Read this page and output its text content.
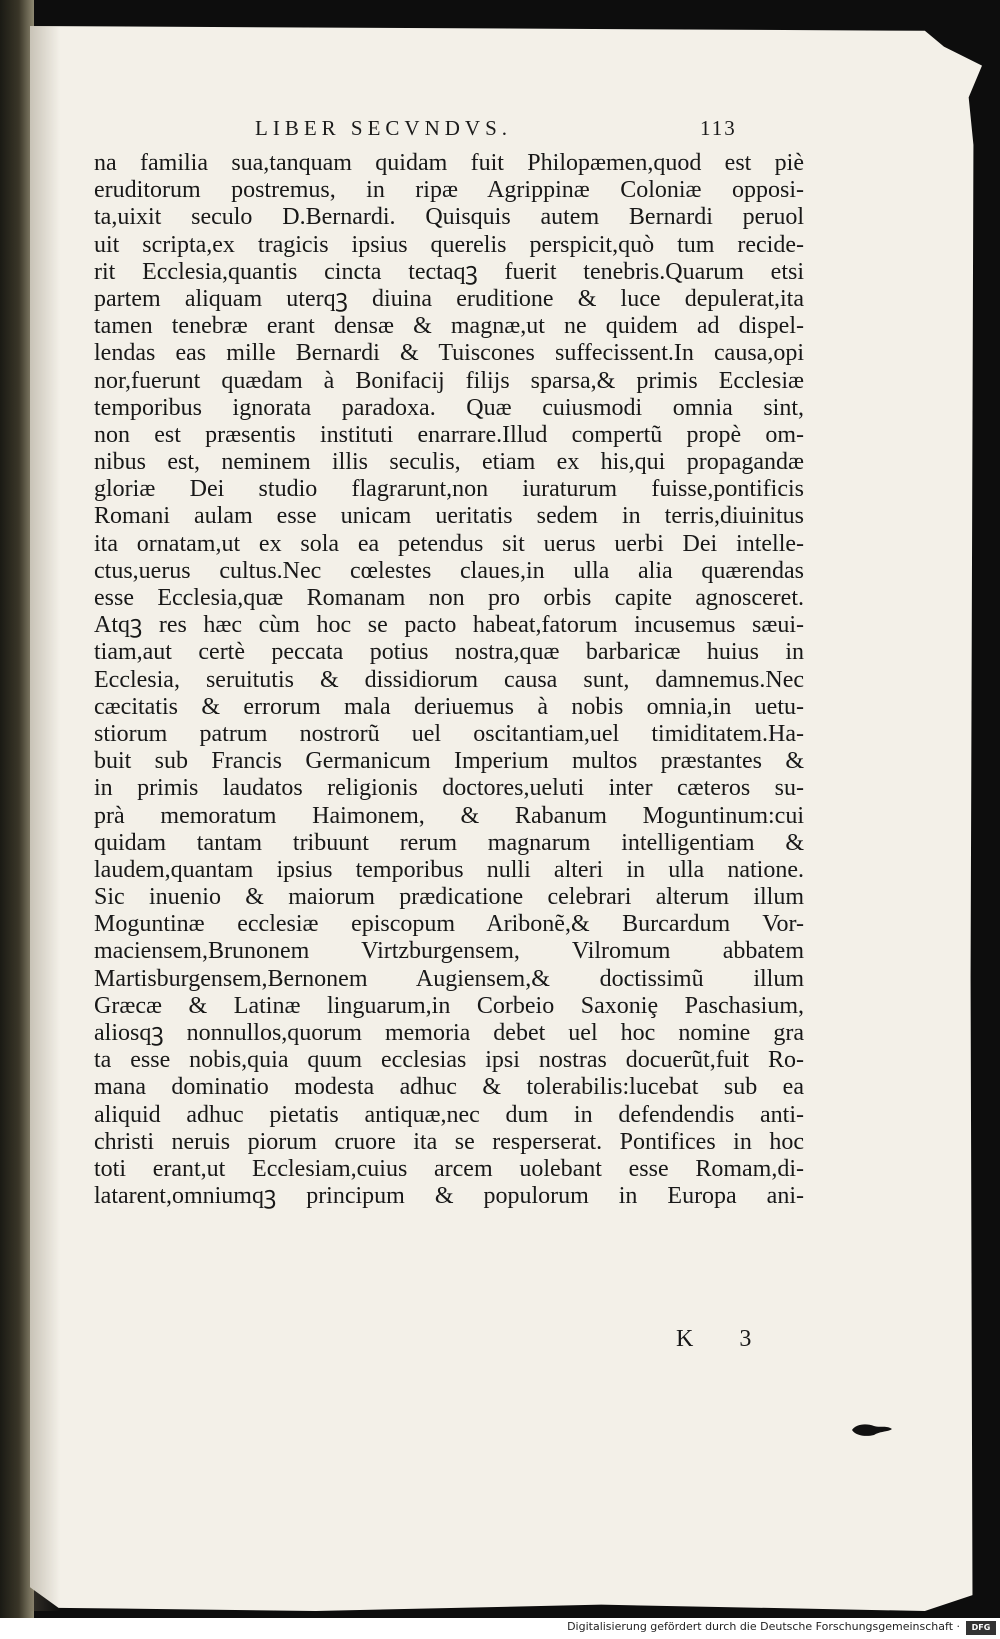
LIBER SECVNDVS.	113
na familia sua,tanquam quidam fuit Philopæmen,quod est piè
eruditorum postremus, in ripæ Agrippinæ Coloniæ opposi-
ta,uixit seculo D.Bernardi. Quisquis autem Bernardi peruol
uit scripta,ex tragicis ipsius querelis perspicit,quò tum recide-
rit Ecclesia,quantis cincta tectaqꝫ fuerit tenebris.Quarum etsi
partem aliquam uterqꝫ diuina eruditione & luce depulerat,ita
tamen tenebræ erant densæ & magnæ,ut ne quidem ad dispel-
lendas eas mille Bernardi & Tuiscones suffecissent.In causa,opi
nor,fuerunt quædam à Bonifacij filijs sparsa,& primis Ecclesiæ
temporibus ignorata paradoxa. Quæ cuiusmodi omnia sint,
non est præsentis instituti enarrare.Illud compertũ propè om-
nibus est, neminem illis seculis, etiam ex his,qui propagandæ
gloriæ Dei studio flagrarunt,non iuraturum fuisse,pontificis
Romani aulam esse unicam ueritatis sedem in terris,diuinitus
ita ornatam,ut ex sola ea petendus sit uerus uerbi Dei intelle-
ctus,uerus cultus.Nec cœlestes claues,in ulla alia quærendas
esse Ecclesia,quæ Romanam non pro orbis capite agnosceret.
Atqꝫ res hæc cùm hoc se pacto habeat,fatorum incusemus sæui-
tiam,aut certè peccata potius nostra,quæ barbaricæ huius in
Ecclesia, seruitutis & dissidiorum causa sunt, damnemus.Nec
cæcitatis & errorum mala deriuemus à nobis omnia,in uetu-
stiorum patrum nostrorũ uel oscitantiam,uel timiditatem.Ha-
buit sub Francis Germanicum Imperium multos præstantes &
in primis laudatos religionis doctores,ueluti inter cæteros su-
prà memoratum Haimonem, & Rabanum Moguntinum:cui
quidam tantam tribuunt rerum magnarum intelligentiam &
laudem,quantam ipsius temporibus nulli alteri in ulla natione.
Sic inuenio & maiorum prædicatione celebrari alterum illum
Moguntinæ ecclesiæ episcopum Aribonẽ,& Burcardum Vor-
maciensem,Brunonem Virtzburgensem, Vilromum abbatem
Martisburgensem,Bernonem Augiensem,& doctissimũ illum
Græcæ & Latinæ linguarum,in Corbeio Saxoniȩ Paschasium,
aliosqꝫ nonnullos,quorum memoria debet uel hoc nomine gra
ta esse nobis,quia quum ecclesias ipsi nostras docuerũt,fuit Ro-
mana dominatio modesta adhuc & tolerabilis:lucebat sub ea
aliquid adhuc pietatis antiquæ,nec dum in defendendis anti-
christi neruis piorum cruore ita se resperserat. Pontifices in hoc
toti erant,ut Ecclesiam,cuius arcem uolebant esse Romam,di-
latarent,omniumqꝫ principum & populorum in Europa ani-
K 3
Digitalisierung gefördert durch die Deutsche Forschungsgemeinschaft ·	DFG
